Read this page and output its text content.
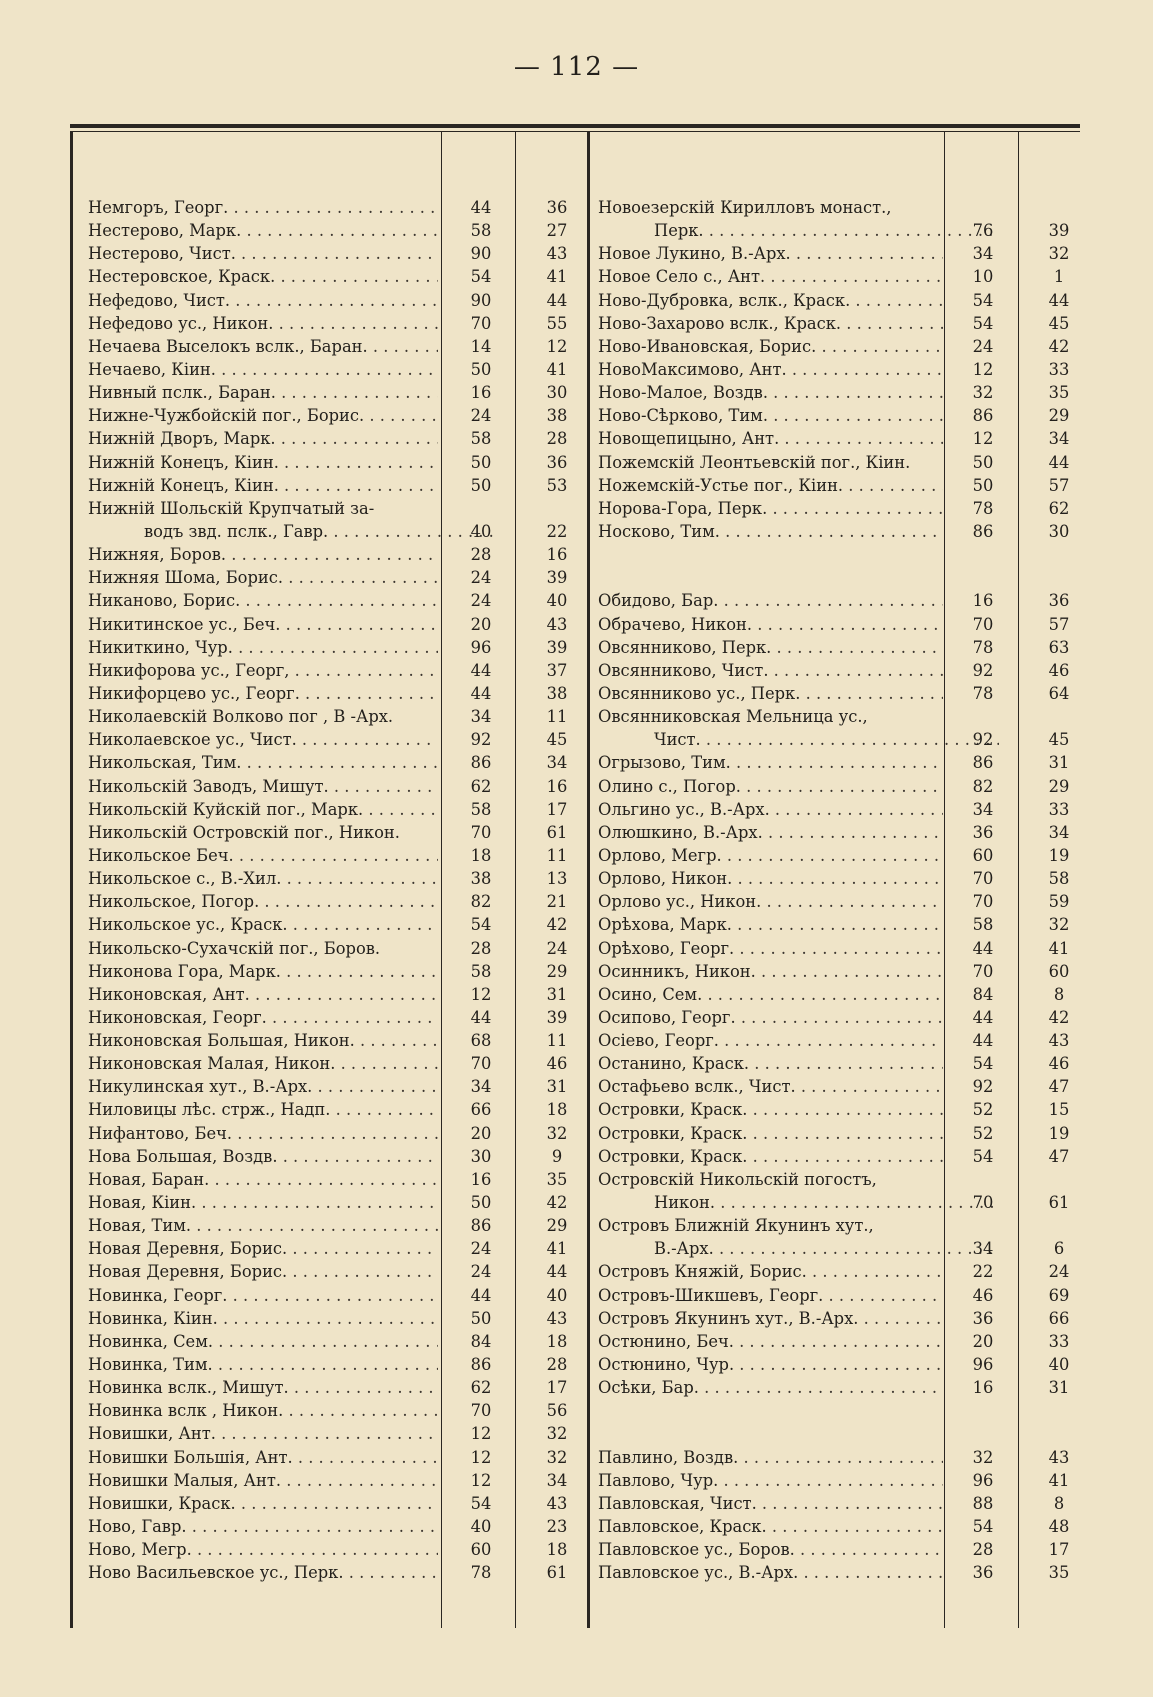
— 112 —
Немгоръ, Георг. . . .	44	36
Нестерово, Марк. . . .	58	27
Нестерово, Чист. . . .	90	43
Нестеровское, Краск. . . .	54	41
Нефедово, Чист. . . .	90	44
Нефедово ус., Никон. . . .	70	55
Нечаева Выселокъ вслк., Баран. . . .	14	12
Нечаево, Кiин. . . .	50	41
Нивный пслк., Баран. . . .	16	30
Нижне-Чужбойскiй пог., Борис. . . .	24	38
Нижнiй Дворъ, Марк. . . .	58	28
Нижнiй Конецъ, Кiин. . . .	50	36
Нижнiй Конецъ, Кiин. . . .	50	53
Нижнiй Шольскiй Крупчатый за-
водъ звд. пслк., Гавр. . . .	40	22
Нижняя, Боров. . . .	28	16
Нижняя Шома, Борис. . . .	24	39
Никаново, Борис. . . .	24	40
Никитинское ус., Беч. . . .	20	43
Никиткино, Чур. . . .	96	39
Никифорова ус., Георг, . . .	44	37
Никифорцево ус., Георг. . . .	44	38
Николаевскiй Волково пог , В -Арх.	34	11
Николаевское ус., Чист. . . .	92	45
Никольская, Тим. . . .	86	34
Никольскiй Заводъ, Мишут. . . .	62	16
Никольскiй Куйскiй пог., Марк. . . .	58	17
Никольскiй Островскiй пог., Никон.	70	61
Никольское Беч. . . .	18	11
Никольское с., В.-Хил. . . .	38	13
Никольское, Погор. . . .	82	21
Никольское ус., Краск. . . .	54	42
Никольско-Сухачскiй пог., Боров.	28	24
Никонова Гора, Марк. . . .	58	29
Никоновская, Ант. . . .	12	31
Никоновская, Георг. . . .	44	39
Никоновская Большая, Никон. . . .	68	11
Никоновская Малая, Никон. . . .	70	46
Никулинская хут., В.-Арх. . . .	34	31
Ниловицы лѣс. стрж., Надп. . . .	66	18
Нифантово, Беч. . . .	20	32
Нова Большая, Воздв. . . .	30	9
Новая, Баран. . . .	16	35
Новая, Кiин. . . .	50	42
Новая, Тим. . . .	86	29
Новая Деревня, Борис. . . .	24	41
Новая Деревня, Борис. . . .	24	44
Новинка, Георг. . . .	44	40
Новинка, Кiин. . . .	50	43
Новинка, Сем. . . .	84	18
Новинка, Тим. . . .	86	28
Новинка вслк., Мишут. . . .	62	17
Новинка вслк , Никон. . . .	70	56
Новишки, Ант. . . .	12	32
Новишки Большiя, Ант. . . .	12	32
Новишки Малыя, Ант. . . .	12	34
Новишки, Краск. . . .	54	43
Ново, Гавр. . . .	40	23
Ново, Мегр. . . .	60	18
Ново Васильевское ус., Перк. . . .	78	61
Новоезерскiй Кирилловъ монаст.,
Перк. . . .	76	39
Новое Лукино, В.-Арх. . . .	34	32
Новое Село с., Ант. . . .	10	1
Ново-Дубровка, вслк., Краск. . . .	54	44
Ново-Захарово вслк., Краск. . . .	54	45
Ново-Ивановская, Борис. . . .	24	42
НовоМаксимово, Ант. . . .	12	33
Ново-Малое, Воздв. . . .	32	35
Ново-Сѣрково, Тим. . . .	86	29
Новощепицыно, Ант. . . .	12	34
Пожемскiй Леонтьевскiй пог., Кiин.	50	44
Ножемскiй-Устье пог., Кiин. . . .	50	57
Норова-Гора, Перк. . . .	78	62
Носково, Тим. . . .	86	30
Обидово, Бар. . . .	16	36
Обрачево, Никон. . . .	70	57
Овсянниково, Перк. . . .	78	63
Овсянниково, Чист. . . .	92	46
Овсянниково ус., Перк. . . .	78	64
Овсянниковская Мельница ус.,
Чист. . . .	92	45
Огрызово, Тим. . . .	86	31
Олино с., Погор. . . .	82	29
Ольгино ус., В.-Арх. . . .	34	33
Олюшкино, В.-Арх. . . .	36	34
Орлово, Мегр. . . .	60	19
Орлово, Никон. . . .	70	58
Орлово ус., Никон. . . .	70	59
Орѣхова, Марк. . . .	58	32
Орѣхово, Георг. . . .	44	41
Осинникъ, Никон. . . .	70	60
Осино, Сем. . . .	84	8
Осипово, Георг. . . .	44	42
Осiево, Георг. . . .	44	43
Останино, Краск. . . .	54	46
Остафьево вслк., Чист. . . .	92	47
Островки, Краск. . . .	52	15
Островки, Краск. . . .	52	19
Островки, Краск. . . .	54	47
Островскiй Никольскiй погостъ,
Никон. . . .	70	61
Островъ Ближнiй Якунинъ хут.,
В.-Арх. . . .	34	6
Островъ Княжiй, Борис. . . .	22	24
Островъ-Шикшевъ, Георг. . . .	46	69
Островъ Якунинъ хут., В.-Арх. . . .	36	66
Остюнино, Беч. . . .	20	33
Остюнино, Чур. . . .	96	40
Осѣки, Бар. . . .	16	31
Павлино, Воздв. . . .	32	43
Павлово, Чур. . . .	96	41
Павловская, Чист. . . .	88	8
Павловское, Краск. . . .	54	48
Павловское ус., Боров. . . .	28	17
Павловское ус., В.-Арх. . . .	36	35
